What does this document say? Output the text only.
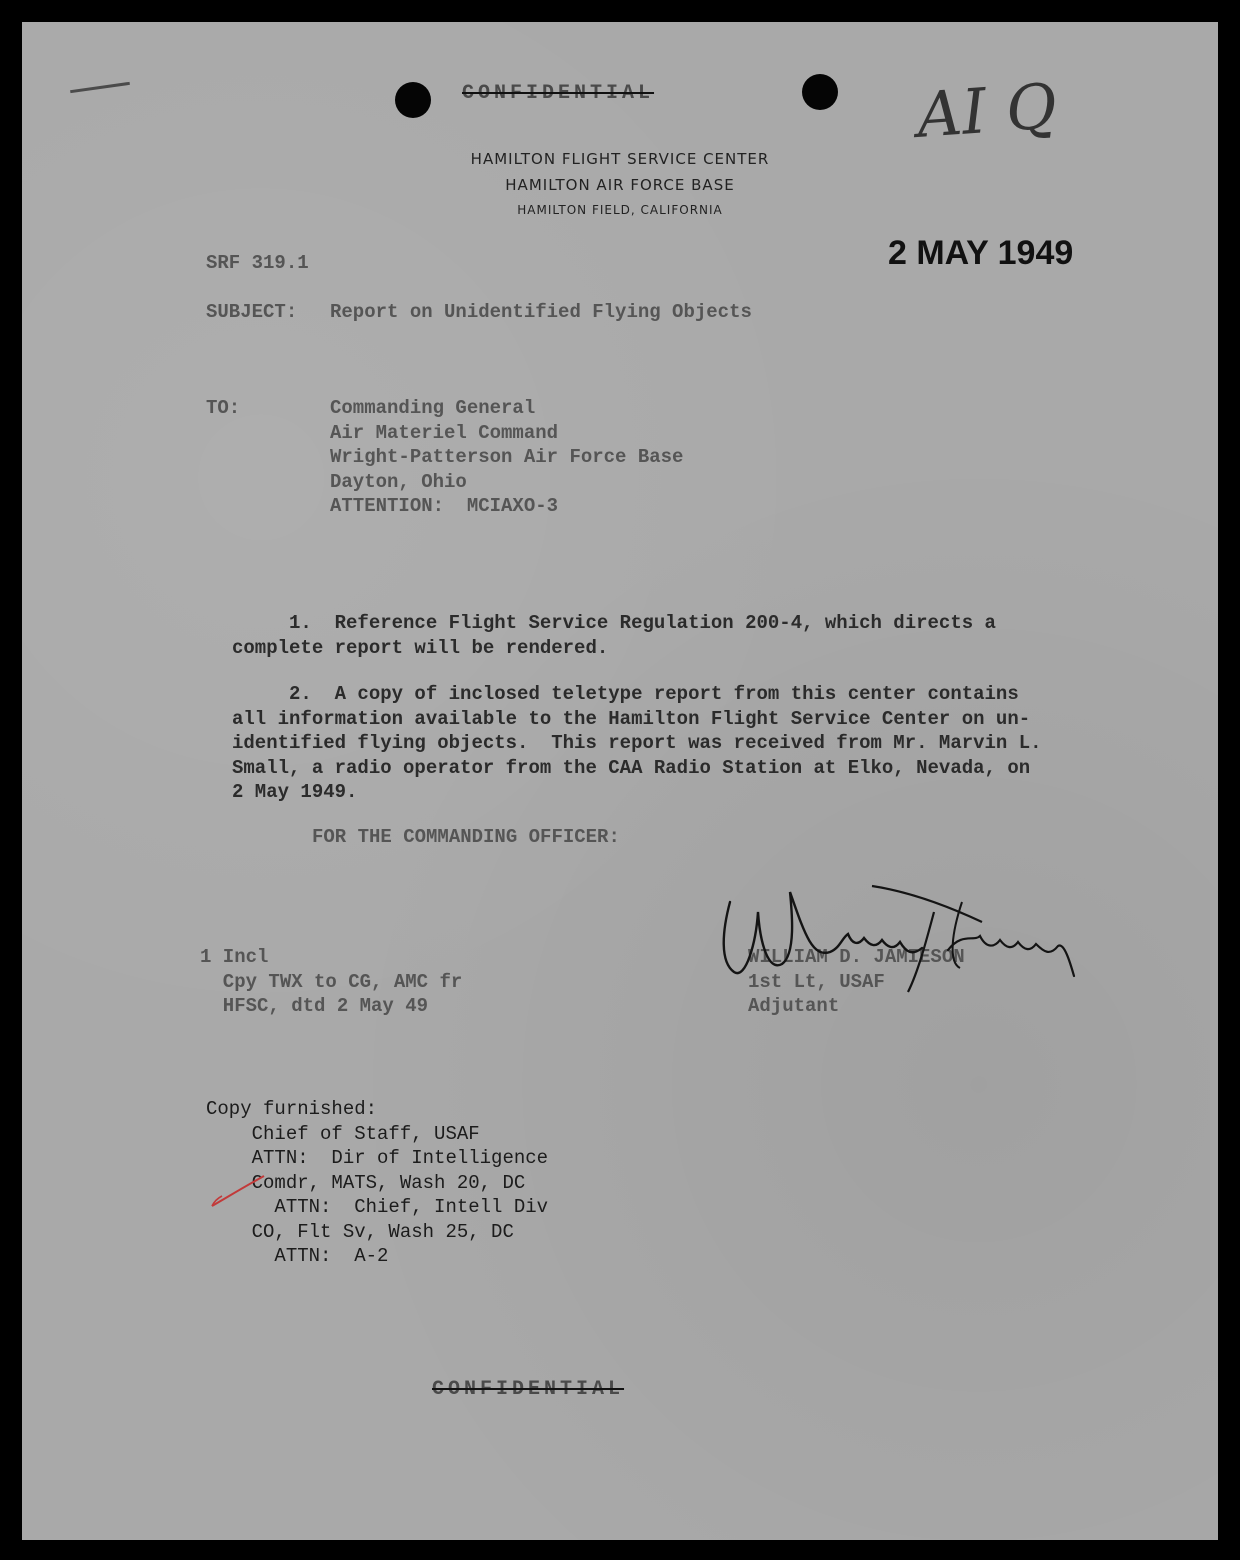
CONFIDENTIAL	AI Q
HAMILTON FLIGHT SERVICE CENTER
HAMILTON AIR FORCE BASE
HAMILTON FIELD, CALIFORNIA
SRF 319.1	2 MAY 1949
SUBJECT: Report on Unidentified Flying Objects
TO:	Commanding General
Air Materiel Command
Wright-Patterson Air Force Base
Dayton, Ohio
ATTENTION:  MCIAXO-3
1.  Reference Flight Service Regulation 200-4, which directs a
complete report will be rendered.
2.  A copy of inclosed teletype report from this center contains
all information available to the Hamilton Flight Service Center on un-
identified flying objects.  This report was received from Mr. Marvin L.
Small, a radio operator from the CAA Radio Station at Elko, Nevada, on
2 May 1949.
FOR THE COMMANDING OFFICER:
1 Incl
Cpy TWX to CG, AMC fr
HFSC, dtd 2 May 49
WILLIAM D. JAMIESON
1st Lt, USAF
Adjutant
Copy furnished:
Chief of Staff, USAF
ATTN:  Dir of Intelligence
Comdr, MATS, Wash 20, DC
ATTN:  Chief, Intell Div
CO, Flt Sv, Wash 25, DC
ATTN:  A-2
CONFIDENTIAL
